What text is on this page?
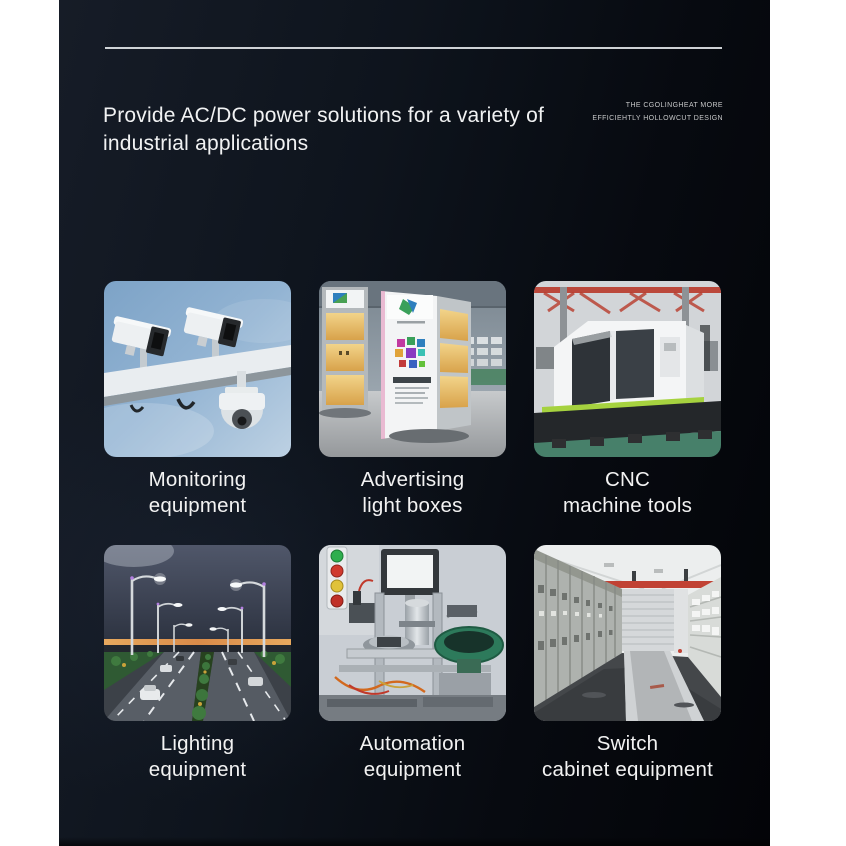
Provide AC/DC power solutions for a variety of industrial applications
THE CGOLINGHEAT MORE
EFFICIEHTLY HOLLOWCUT DESIGN
Monitoring
equipment
Advertising
light boxes
CNC
machine tools
Lighting
equipment
Automation
equipment
Switch
cabinet equipment
